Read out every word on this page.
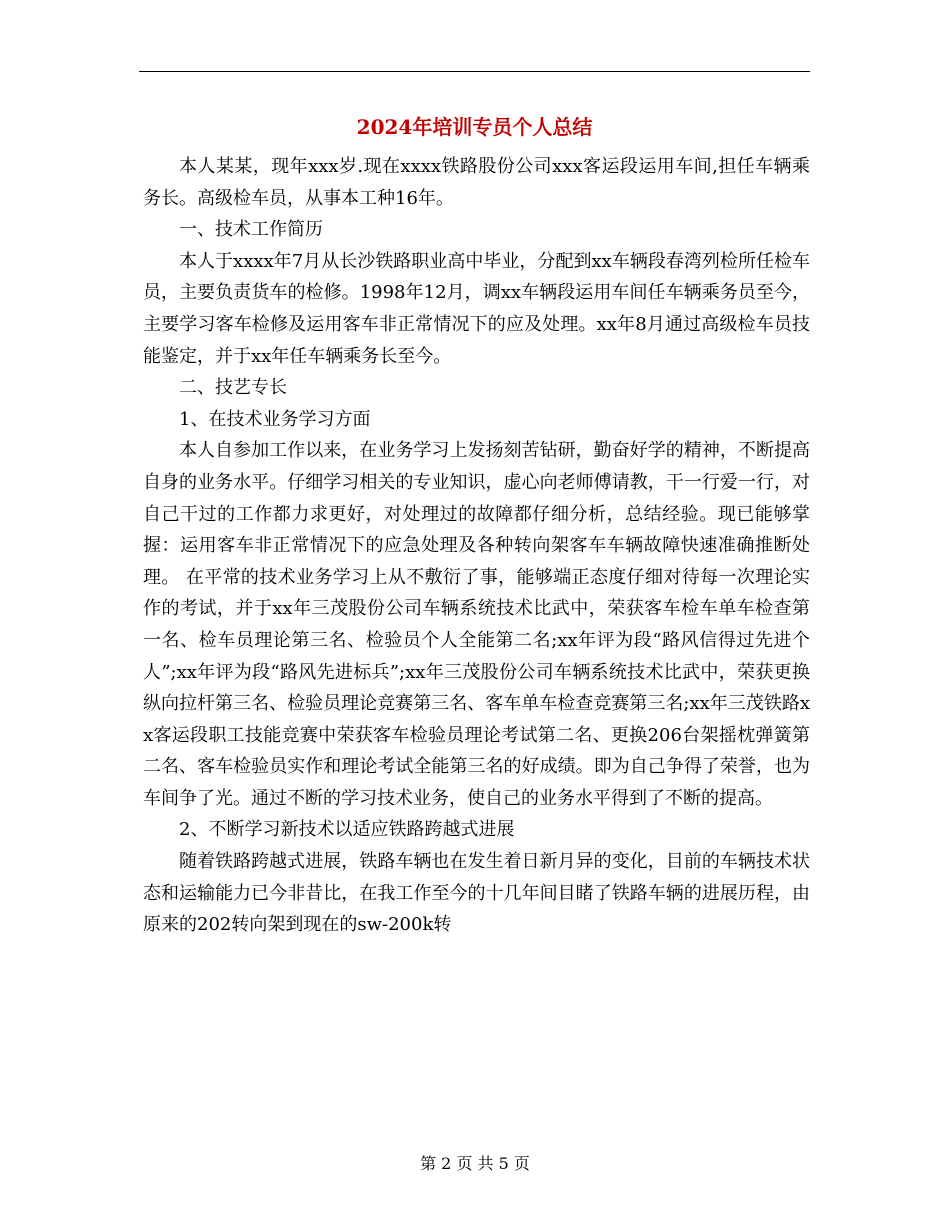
2024年培训专员个人总结

本人某某，现年xxx岁.现在xxxx铁路股份公司xxx客运段运用车间,担任车辆乘务长。高级检车员，从事本工种16年。

一、技术工作简历

本人于xxxx年7月从长沙铁路职业高中毕业，分配到xx车辆段春湾列检所任检车员，主要负责货车的检修。1998年12月，调xx车辆段运用车间任车辆乘务员至今，主要学习客车检修及运用客车非正常情况下的应及处理。xx年8月通过高级检车员技能鉴定，并于xx年任车辆乘务长至今。

二、技艺专长

1、在技术业务学习方面

本人自参加工作以来，在业务学习上发扬刻苦钻研，勤奋好学的精神，不断提高自身的业务水平。仔细学习相关的专业知识，虚心向老师傅请教，干一行爱一行，对自己干过的工作都力求更好，对处理过的故障都仔细分析，总结经验。现已能够掌握：运用客车非正常情况下的应急处理及各种转向架客车车辆故障快速准确推断处理。 在平常的技术业务学习上从不敷衍了事，能够端正态度仔细对待每一次理论实作的考试，并于xx年三茂股份公司车辆系统技术比武中，荣获客车检车单车检查第一名、检车员理论第三名、检验员个人全能第二名;xx年评为段“路风信得过先进个人”;xx年评为段“路风先进标兵”;xx年三茂股份公司车辆系统技术比武中，荣获更换纵向拉杆第三名、检验员理论竞赛第三名、客车单车检查竞赛第三名;xx年三茂铁路xx客运段职工技能竞赛中荣获客车检验员理论考试第二名、更换206台架摇枕弹簧第二名、客车检验员实作和理论考试全能第三名的好成绩。即为自己争得了荣誉，也为车间争了光。通过不断的学习技术业务，使自己的业务水平得到了不断的提高。

2、不断学习新技术以适应铁路跨越式进展

随着铁路跨越式进展，铁路车辆也在发生着日新月异的变化，目前的车辆技术状态和运输能力已今非昔比，在我工作至今的十几年间目睹了铁路车辆的进展历程，由原来的202转向架到现在的sw-200k转

第 2 页 共 5 页
